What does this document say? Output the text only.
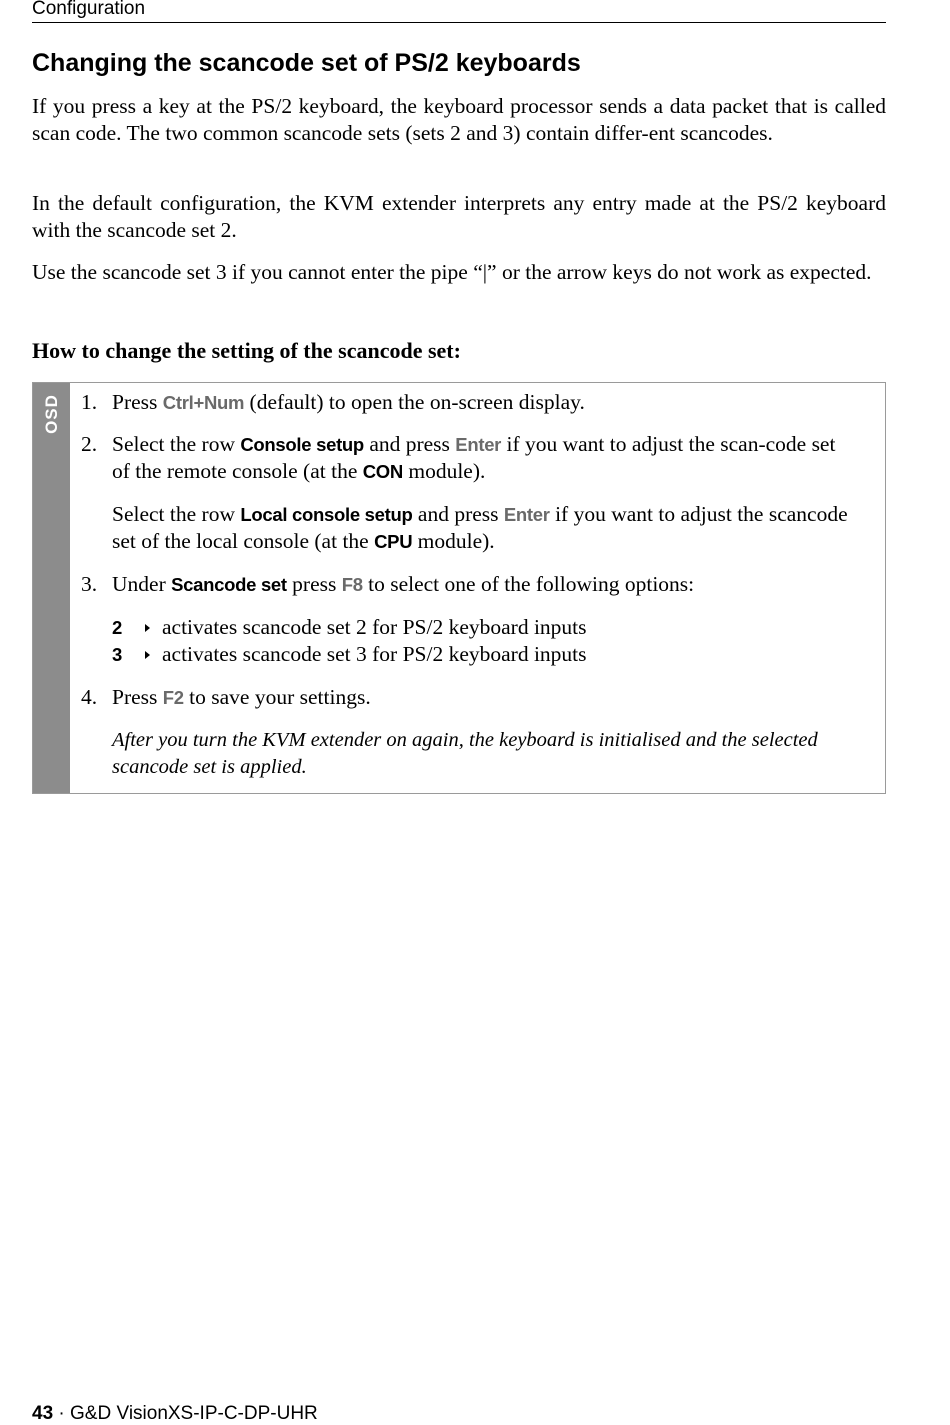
Configuration
Changing the scancode set of PS/2 keyboards

If you press a key at the PS/2 keyboard, the keyboard processor sends a data packet that is called scan code. The two common scancode sets (sets 2 and 3) contain differ-ent scancodes.

In the default configuration, the KVM extender interprets any entry made at the PS/2 keyboard with the scancode set 2.

Use the scancode set 3 if you cannot enter the pipe “|” or the arrow keys do not work as expected.

How to change the setting of the scancode set:
OSD 1. Press Ctrl+Num (default) to open the on-screen display.
2. Select the row Console setup and press Enter if you want to adjust the scan-code set of the remote console (at the CON module).
Select the row Local console setup and press Enter if you want to adjust the scancode set of the local console (at the CPU module).
3. Under Scancode set press F8 to select one of the following options:
2 activates scancode set 2 for PS/2 keyboard inputs
3 activates scancode set 3 for PS/2 keyboard inputs
4. Press F2 to save your settings.
After you turn the KVM extender on again, the keyboard is initialised and the selected scancode set is applied.
43 · G&D VisionXS-IP-C-DP-UHR
